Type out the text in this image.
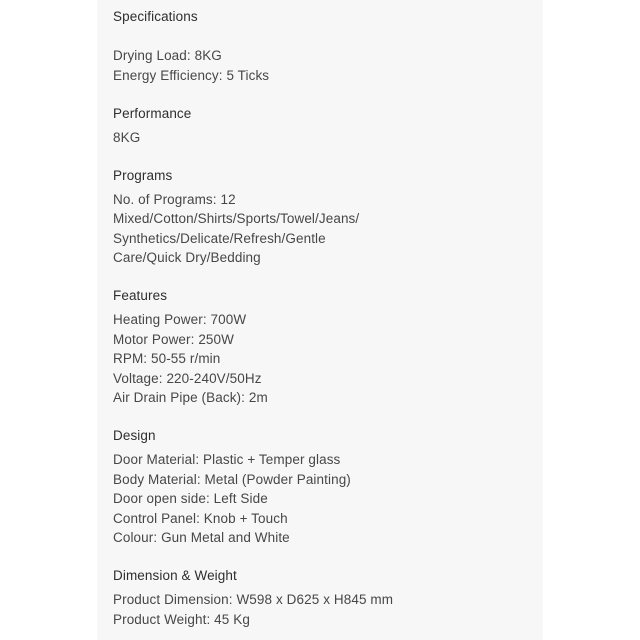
Specifications
Drying Load: 8KG
Energy Efficiency: 5 Ticks
Performance
8KG
Programs
No. of Programs: 12
Mixed/Cotton/Shirts/Sports/Towel/Jeans/
Synthetics/Delicate/Refresh/Gentle
Care/Quick Dry/Bedding
Features
Heating Power: 700W
Motor Power: 250W
RPM: 50-55 r/min
Voltage: 220-240V/50Hz
Air Drain Pipe (Back): 2m
Design
Door Material: Plastic + Temper glass
Body Material: Metal (Powder Painting)
Door open side: Left Side
Control Panel: Knob + Touch
Colour: Gun Metal and White
Dimension & Weight
Product Dimension: W598 x D625 x H845 mm
Product Weight: 45 Kg
